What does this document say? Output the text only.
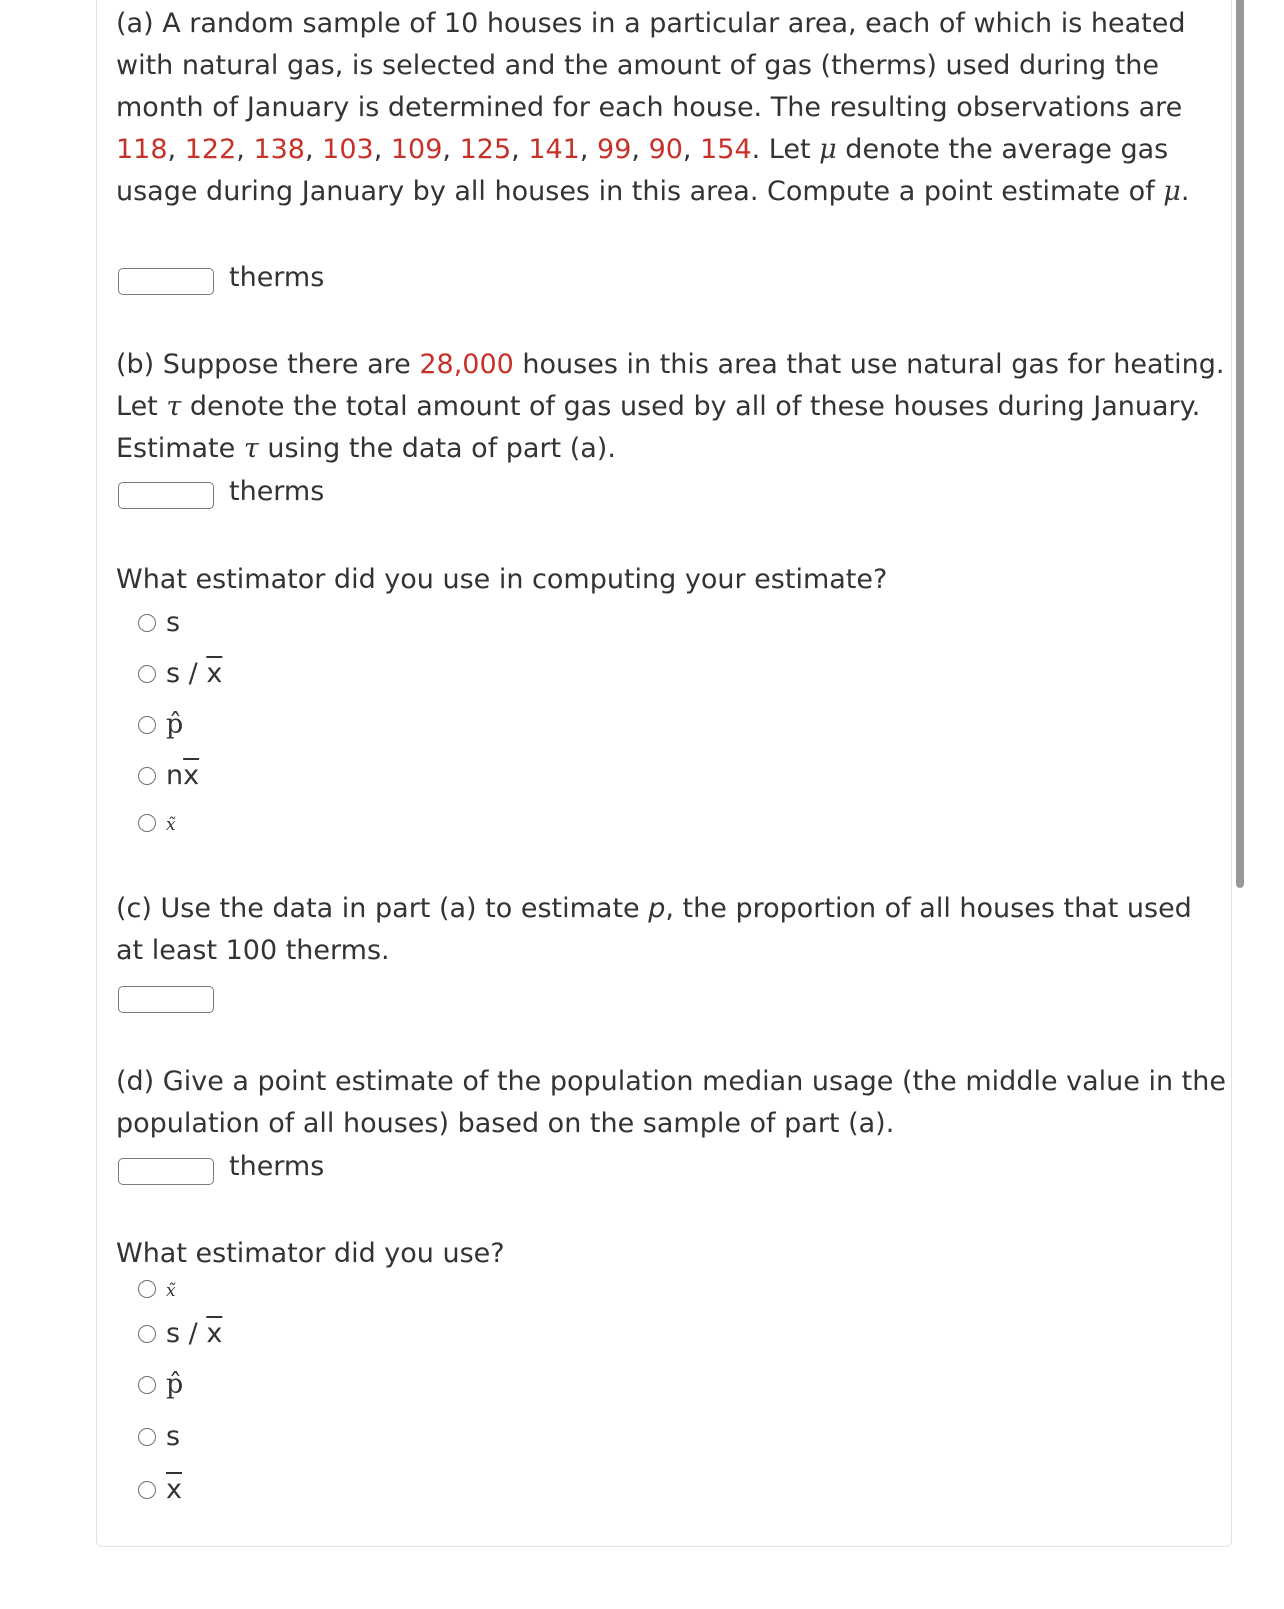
(a) A random sample of 10 houses in a particular area, each of which is heated with natural gas, is selected and the amount of gas (therms) used during the month of January is determined for each house. The resulting observations are 118, 122, 138, 103, 109, 125, 141, 99, 90, 154. Let μ denote the average gas usage during January by all houses in this area. Compute a point estimate of μ.

therms

(b) Suppose there are 28,000 houses in this area that use natural gas for heating. Let τ denote the total amount of gas used by all of these houses during January. Estimate τ using the data of part (a).

therms

What estimator did you use in computing your estimate?

s
s / $\overline{x}$
p̂
$n\overline{x}$
x̃

(c) Use the data in part (a) to estimate p, the proportion of all houses that used at least 100 therms.

(d) Give a point estimate of the population median usage (the middle value in the population of all houses) based on the sample of part (a).

therms

What estimator did you use?

x̃
s / $\overline{x}$
p̂
s
$\overline{x}$
